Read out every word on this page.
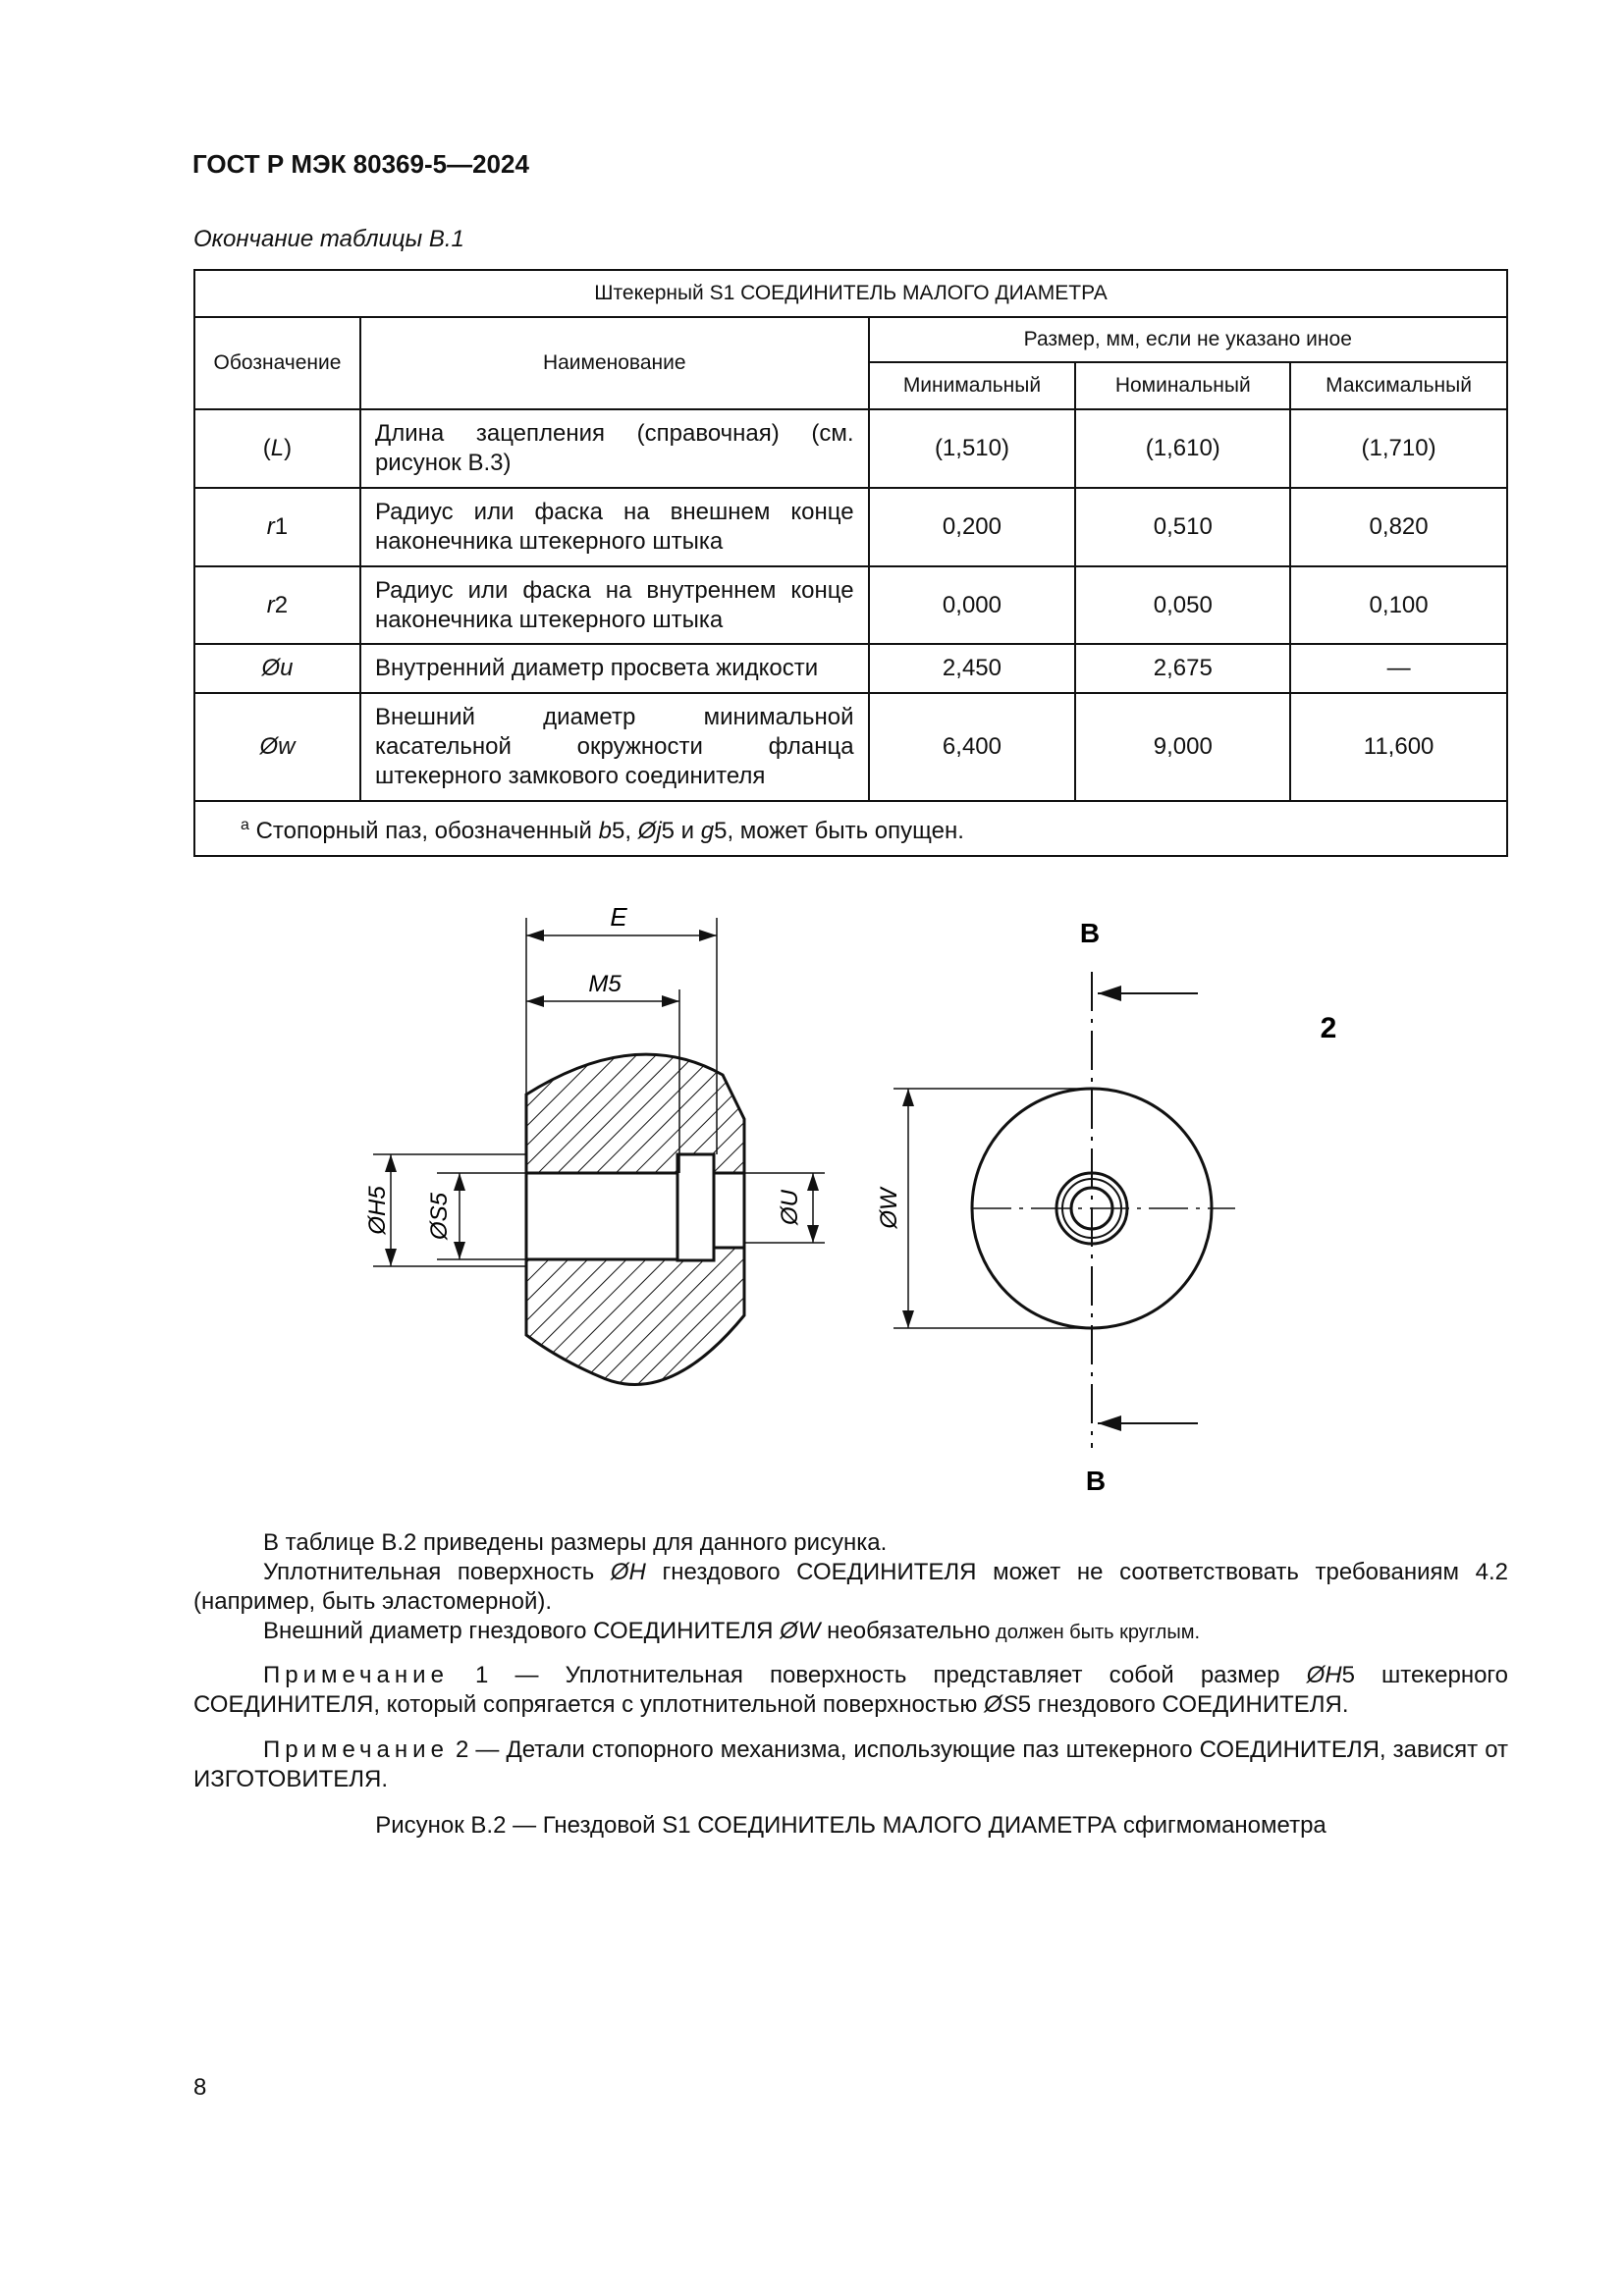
ГОСТ Р МЭК 80369-5—2024
Окончание таблицы В.1
Штекерный S1 СОЕДИНИТЕЛЬ МАЛОГО ДИАМЕТРА				
Обозначение	Наименование	Размер, мм, если не указано иное		
		Минимальный	Номинальный	Максимальный
(L)	Длина зацепления (справочная) (см. рисунок В.3)	(1,510)	(1,610)	(1,710)
r1	Радиус или фаска на внешнем конце наконечника штекерного штыка	0,200	0,510	0,820
r2	Радиус или фаска на внутреннем конце наконечника штекерного штыка	0,000	0,050	0,100
Øu	Внутренний диаметр просвета жидкости	2,450	2,675	—
Øw	Внешний диаметр минимальной касательной окружности фланца штекерного замкового соединителя	6,400	9,000	11,600
$^a$ Стопорный паз, обозначенный b5, Øj5 и g5, может быть опущен.				
E
M5
ØH5 ØS5	ØU	ØW
B
B
2

В таблице В.2 приведены размеры для данного рисунка.

Уплотнительная поверхность ØH гнездового СОЕДИНИТЕЛЯ может не соответствовать требованиям 4.2 (например, быть эластомерной).

Внешний диаметр гнездового СОЕДИНИТЕЛЯ ØW необязательно должен быть круглым.

Примечание 1 — Уплотнительная поверхность представляет собой размер ØH5 штекерного СОЕДИНИТЕЛЯ, который сопрягается с уплотнительной поверхностью ØS5 гнездового СОЕДИНИТЕЛЯ.

Примечание 2 — Детали стопорного механизма, использующие паз штекерного СОЕДИНИТЕЛЯ, зависят от ИЗГОТОВИТЕЛЯ.

Рисунок В.2 — Гнездовой S1 СОЕДИНИТЕЛЬ МАЛОГО ДИАМЕТРА сфигмоманометра
8
